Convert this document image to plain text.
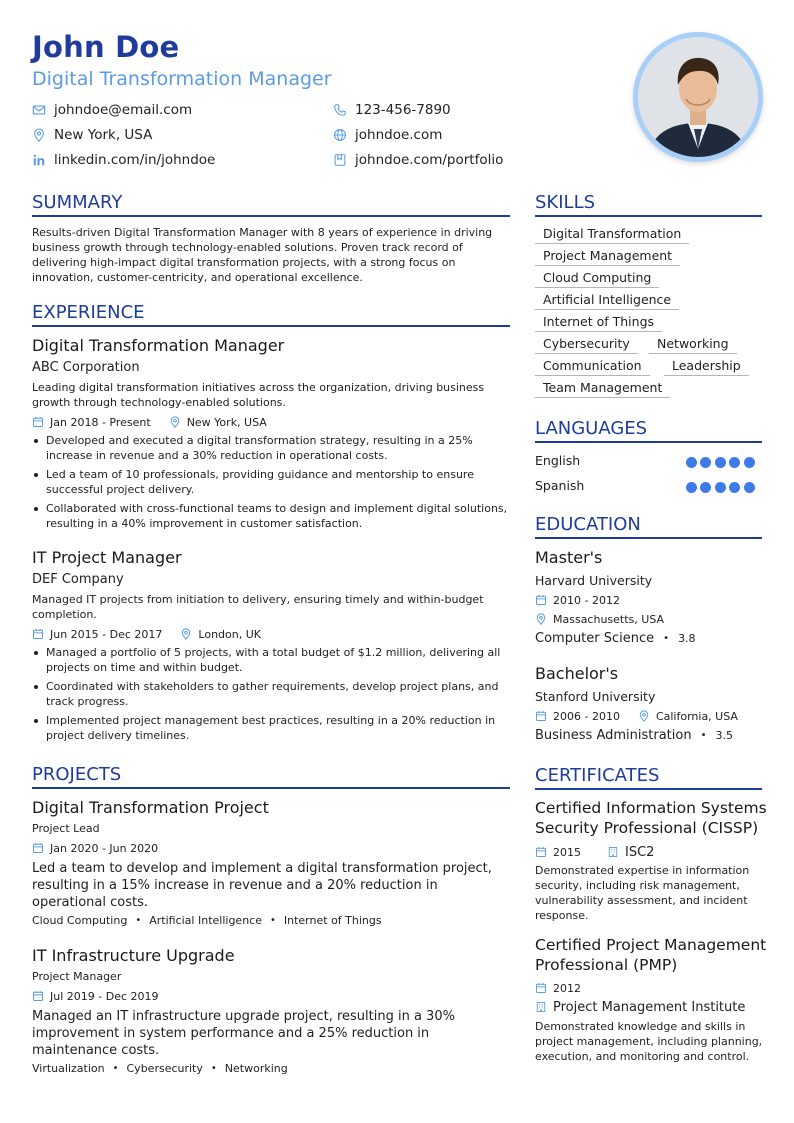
John Doe
Digital Transformation Manager
johndoe@email.com	123-456-7890
New York, USA	johndoe.com
linkedin.com/in/johndoe	johndoe.com/portfolio
SUMMARY
Results-driven Digital Transformation Manager with 8 years of experience in driving business growth through technology-enabled solutions. Proven track record of delivering high-impact digital transformation projects, with a strong focus on innovation, customer-centricity, and operational excellence.
EXPERIENCE
Digital Transformation Manager
ABC Corporation
Leading digital transformation initiatives across the organization, driving business growth through technology-enabled solutions.
Jan 2018 - Present	New York, USA
Developed and executed a digital transformation strategy, resulting in a 25% increase in revenue and a 30% reduction in operational costs.
Led a team of 10 professionals, providing guidance and mentorship to ensure successful project delivery.
Collaborated with cross-functional teams to design and implement digital solutions, resulting in a 40% improvement in customer satisfaction.
IT Project Manager
DEF Company
Managed IT projects from initiation to delivery, ensuring timely and within-budget completion.
Jun 2015 - Dec 2017	London, UK
Managed a portfolio of 5 projects, with a total budget of $1.2 million, delivering all projects on time and within budget.
Coordinated with stakeholders to gather requirements, develop project plans, and track progress.
Implemented project management best practices, resulting in a 20% reduction in project delivery timelines.
PROJECTS
Digital Transformation Project
Project Lead
Jan 2020 - Jun 2020
Led a team to develop and implement a digital transformation project, resulting in a 15% increase in revenue and a 20% reduction in operational costs.
Cloud Computing • Artificial Intelligence • Internet of Things
IT Infrastructure Upgrade
Project Manager
Jul 2019 - Dec 2019
Managed an IT infrastructure upgrade project, resulting in a 30% improvement in system performance and a 25% reduction in maintenance costs.
Virtualization • Cybersecurity • Networking
SKILLS
Digital Transformation
Project Management
Cloud Computing
Artificial Intelligence
Internet of Things
Cybersecurity	Networking
Communication	Leadership
Team Management
LANGUAGES
English
Spanish
EDUCATION
Master's
Harvard University
2010 - 2012
Massachusetts, USA
Computer Science • 3.8
Bachelor's
Stanford University
2006 - 2010	California, USA
Business Administration • 3.5
CERTIFICATES
Certified Information Systems Security Professional (CISSP)
2015	ISC2
Demonstrated expertise in information security, including risk management, vulnerability assessment, and incident response.
Certified Project Management Professional (PMP)
2012
Project Management Institute
Demonstrated knowledge and skills in project management, including planning, execution, and monitoring and control.
